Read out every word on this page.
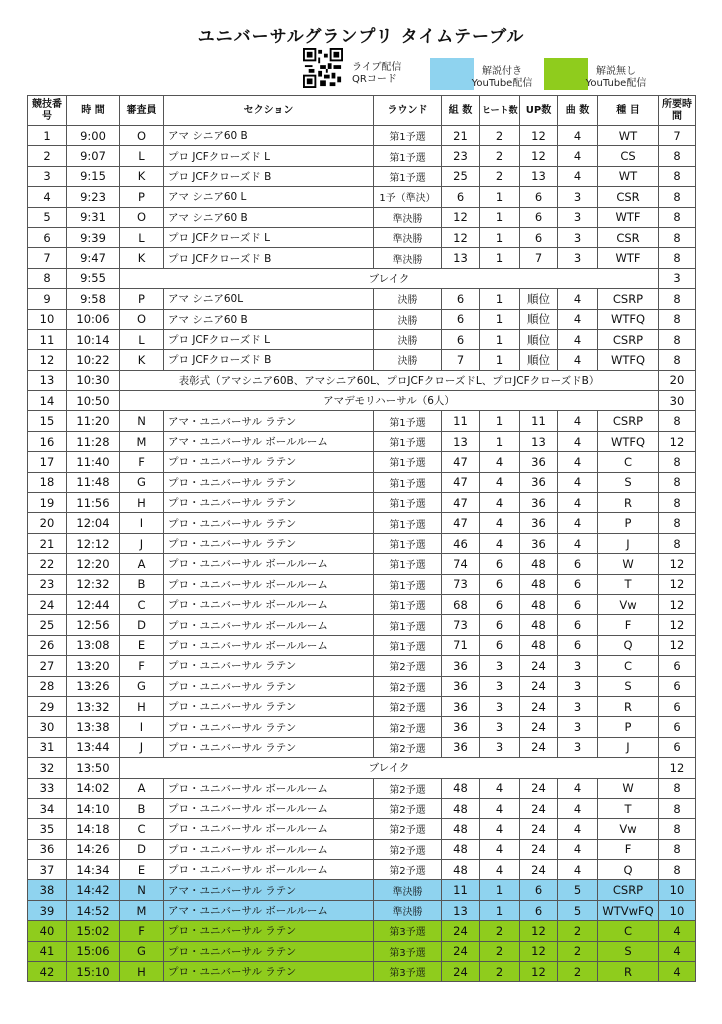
ユニバーサルグランプリ タイムテーブル
ライブ配信
QRコード
解説付き
YouTube配信
解説無し
YouTube配信
競技番号	時 間	審査員	セクション	ラウンド	組 数	ヒート数	UP数	曲 数	種 目	所要時間
1	9:00	O	アマ シニア60 B	第1予選	21	2	12	4	WT	7
2	9:07	L	プロ JCFクローズド L	第1予選	23	2	12	4	CS	8
3	9:15	K	プロ JCFクローズド B	第1予選	25	2	13	4	WT	8
4	9:23	P	アマ シニア60 L	1予（準決）	6	1	6	3	CSR	8
5	9:31	O	アマ シニア60 B	準決勝	12	1	6	3	WTF	8
6	9:39	L	プロ JCFクローズド L	準決勝	12	1	6	3	CSR	8
7	9:47	K	プロ JCFクローズド B	準決勝	13	1	7	3	WTF	8
8	9:55	ブレイク								3
9	9:58	P	アマ シニア60L	決勝	6	1	順位	4	CSRP	8
10	10:06	O	アマ シニア60 B	決勝	6	1	順位	4	WTFQ	8
11	10:14	L	プロ JCFクローズド L	決勝	6	1	順位	4	CSRP	8
12	10:22	K	プロ JCFクローズド B	決勝	7	1	順位	4	WTFQ	8
13	10:30	表彰式（アマシニア60B、アマシニア60L、プロJCFクローズドL、プロJCFクローズドB）								20
14	10:50	アマデモリハーサル（6人）								30
15	11:20	N	アマ・ユニバーサル ラテン	第1予選	11	1	11	4	CSRP	8
16	11:28	M	アマ・ユニバーサル ボールルーム	第1予選	13	1	13	4	WTFQ	12
17	11:40	F	プロ・ユニバーサル ラテン	第1予選	47	4	36	4	C	8
18	11:48	G	プロ・ユニバーサル ラテン	第1予選	47	4	36	4	S	8
19	11:56	H	プロ・ユニバーサル ラテン	第1予選	47	4	36	4	R	8
20	12:04	I	プロ・ユニバーサル ラテン	第1予選	47	4	36	4	P	8
21	12:12	J	プロ・ユニバーサル ラテン	第1予選	46	4	36	4	J	8
22	12:20	A	プロ・ユニバーサル ボールルーム	第1予選	74	6	48	6	W	12
23	12:32	B	プロ・ユニバーサル ボールルーム	第1予選	73	6	48	6	T	12
24	12:44	C	プロ・ユニバーサル ボールルーム	第1予選	68	6	48	6	Vw	12
25	12:56	D	プロ・ユニバーサル ボールルーム	第1予選	73	6	48	6	F	12
26	13:08	E	プロ・ユニバーサル ボールルーム	第1予選	71	6	48	6	Q	12
27	13:20	F	プロ・ユニバーサル ラテン	第2予選	36	3	24	3	C	6
28	13:26	G	プロ・ユニバーサル ラテン	第2予選	36	3	24	3	S	6
29	13:32	H	プロ・ユニバーサル ラテン	第2予選	36	3	24	3	R	6
30	13:38	I	プロ・ユニバーサル ラテン	第2予選	36	3	24	3	P	6
31	13:44	J	プロ・ユニバーサル ラテン	第2予選	36	3	24	3	J	6
32	13:50	ブレイク								12
33	14:02	A	プロ・ユニバーサル ボールルーム	第2予選	48	4	24	4	W	8
34	14:10	B	プロ・ユニバーサル ボールルーム	第2予選	48	4	24	4	T	8
35	14:18	C	プロ・ユニバーサル ボールルーム	第2予選	48	4	24	4	Vw	8
36	14:26	D	プロ・ユニバーサル ボールルーム	第2予選	48	4	24	4	F	8
37	14:34	E	プロ・ユニバーサル ボールルーム	第2予選	48	4	24	4	Q	8
38	14:42	N	アマ・ユニバーサル ラテン	準決勝	11	1	6	5	CSRP	10
39	14:52	M	アマ・ユニバーサル ボールルーム	準決勝	13	1	6	5	WTVwFQ	10
40	15:02	F	プロ・ユニバーサル ラテン	第3予選	24	2	12	2	C	4
41	15:06	G	プロ・ユニバーサル ラテン	第3予選	24	2	12	2	S	4
42	15:10	H	プロ・ユニバーサル ラテン	第3予選	24	2	12	2	R	4
